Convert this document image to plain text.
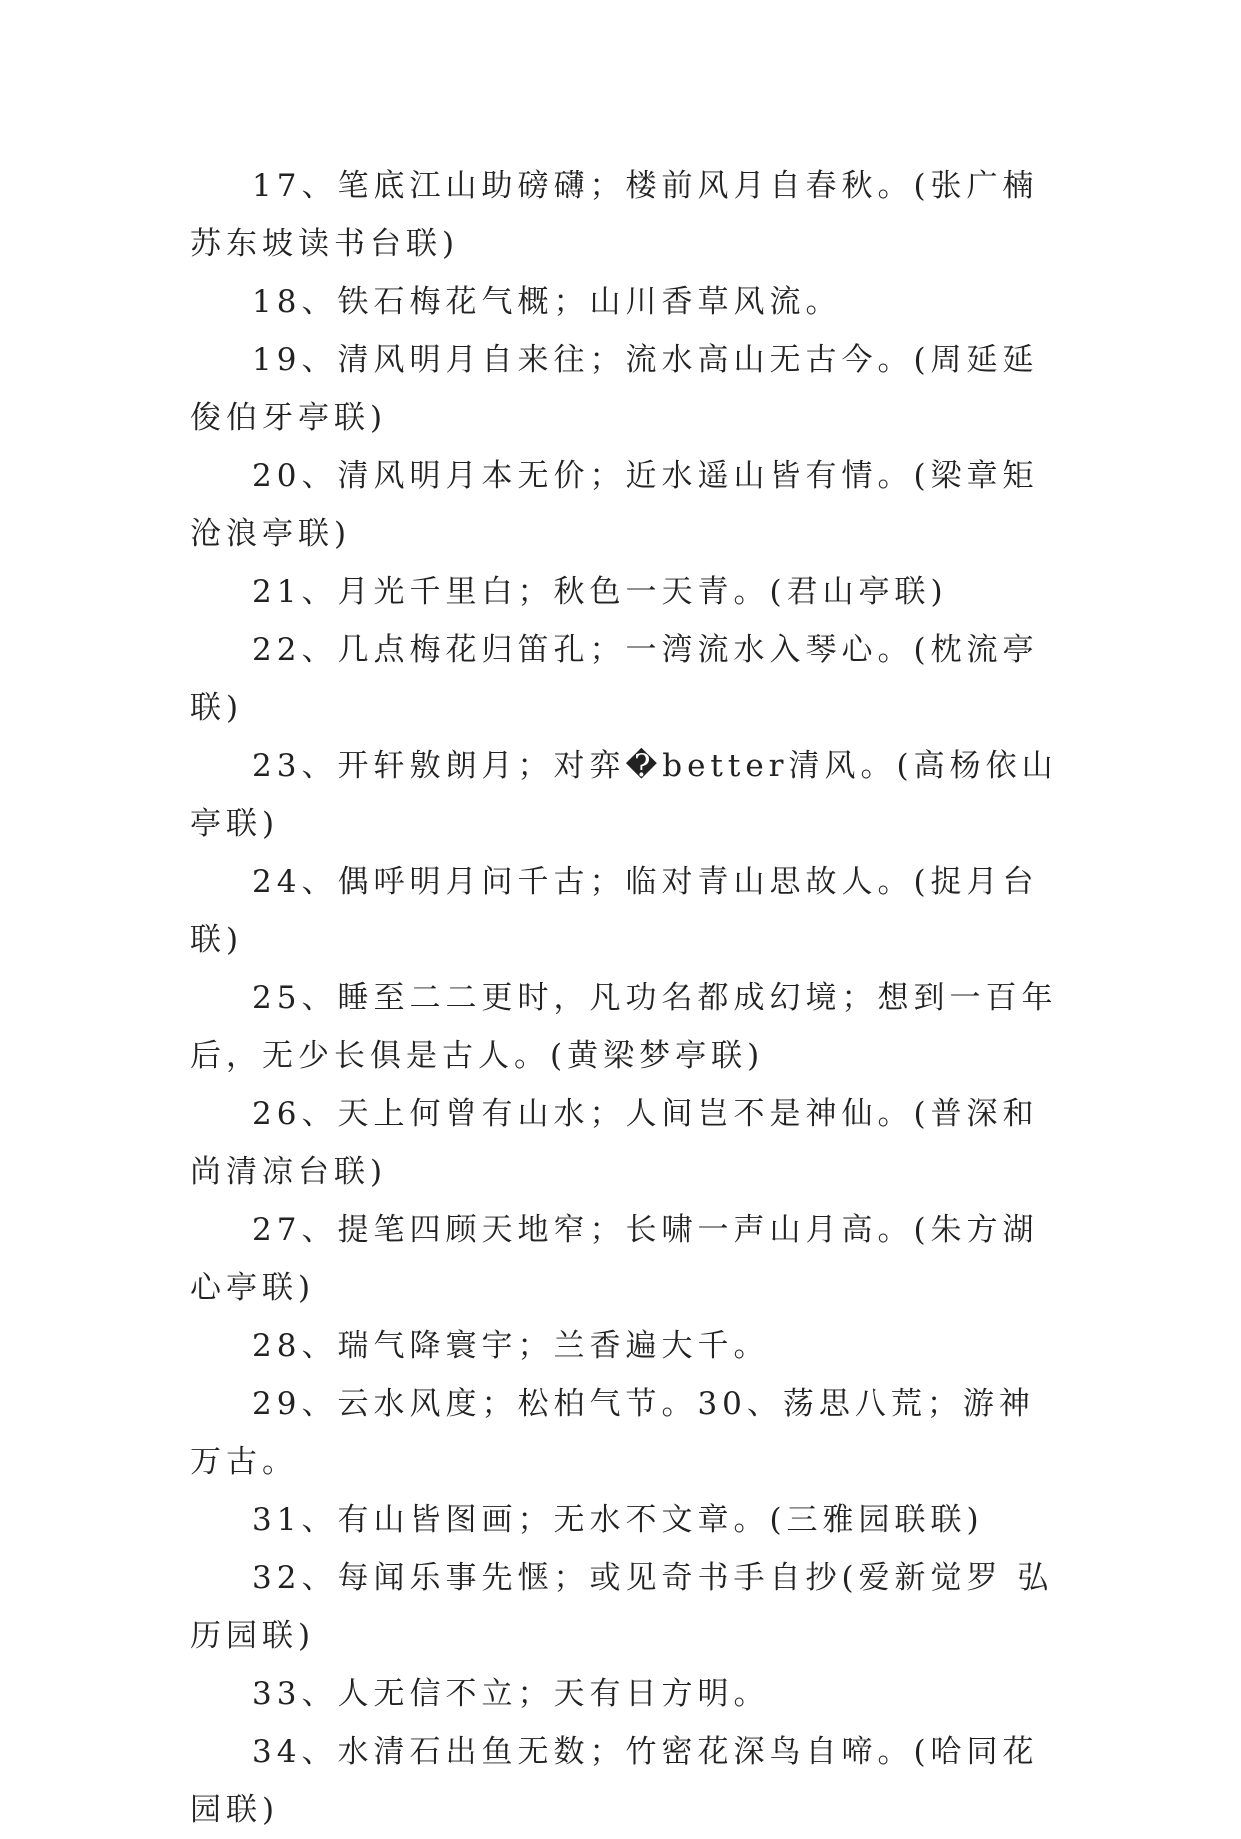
17、笔底江山助磅礴；楼前风月自春秋。(张广楠苏东坡读书台联)

18、铁石梅花气概；山川香草风流。

19、清风明月自来往；流水高山无古今。(周延延俊伯牙亭联)

20、清风明月本无价；近水遥山皆有情。(梁章矩沧浪亭联)

21、月光千里白；秋色一天青。(君山亭联)

22、几点梅花归笛孔；一湾流水入琴心。(枕流亭联)

23、开轩敫朗月；对弈�better清风。(高杨依山亭联)

24、偶呼明月问千古；临对青山思故人。(捉月台联)

25、睡至二二更时，凡功名都成幻境；想到一百年后，无少长俱是古人。(黄梁梦亭联)

26、天上何曾有山水；人间岂不是神仙。(普深和尚清凉台联)

27、提笔四顾天地窄；长啸一声山月高。(朱方湖心亭联)

28、瑞气降寰宇；兰香遍大千。

29、云水风度；松柏气节。30、荡思八荒；游神万古。

31、有山皆图画；无水不文章。(三雅园联联)

32、每闻乐事先惬；或见奇书手自抄(爱新觉罗 弘历园联)

33、人无信不立；天有日方明。

34、水清石出鱼无数；竹密花深鸟自啼。(哈同花园联)
